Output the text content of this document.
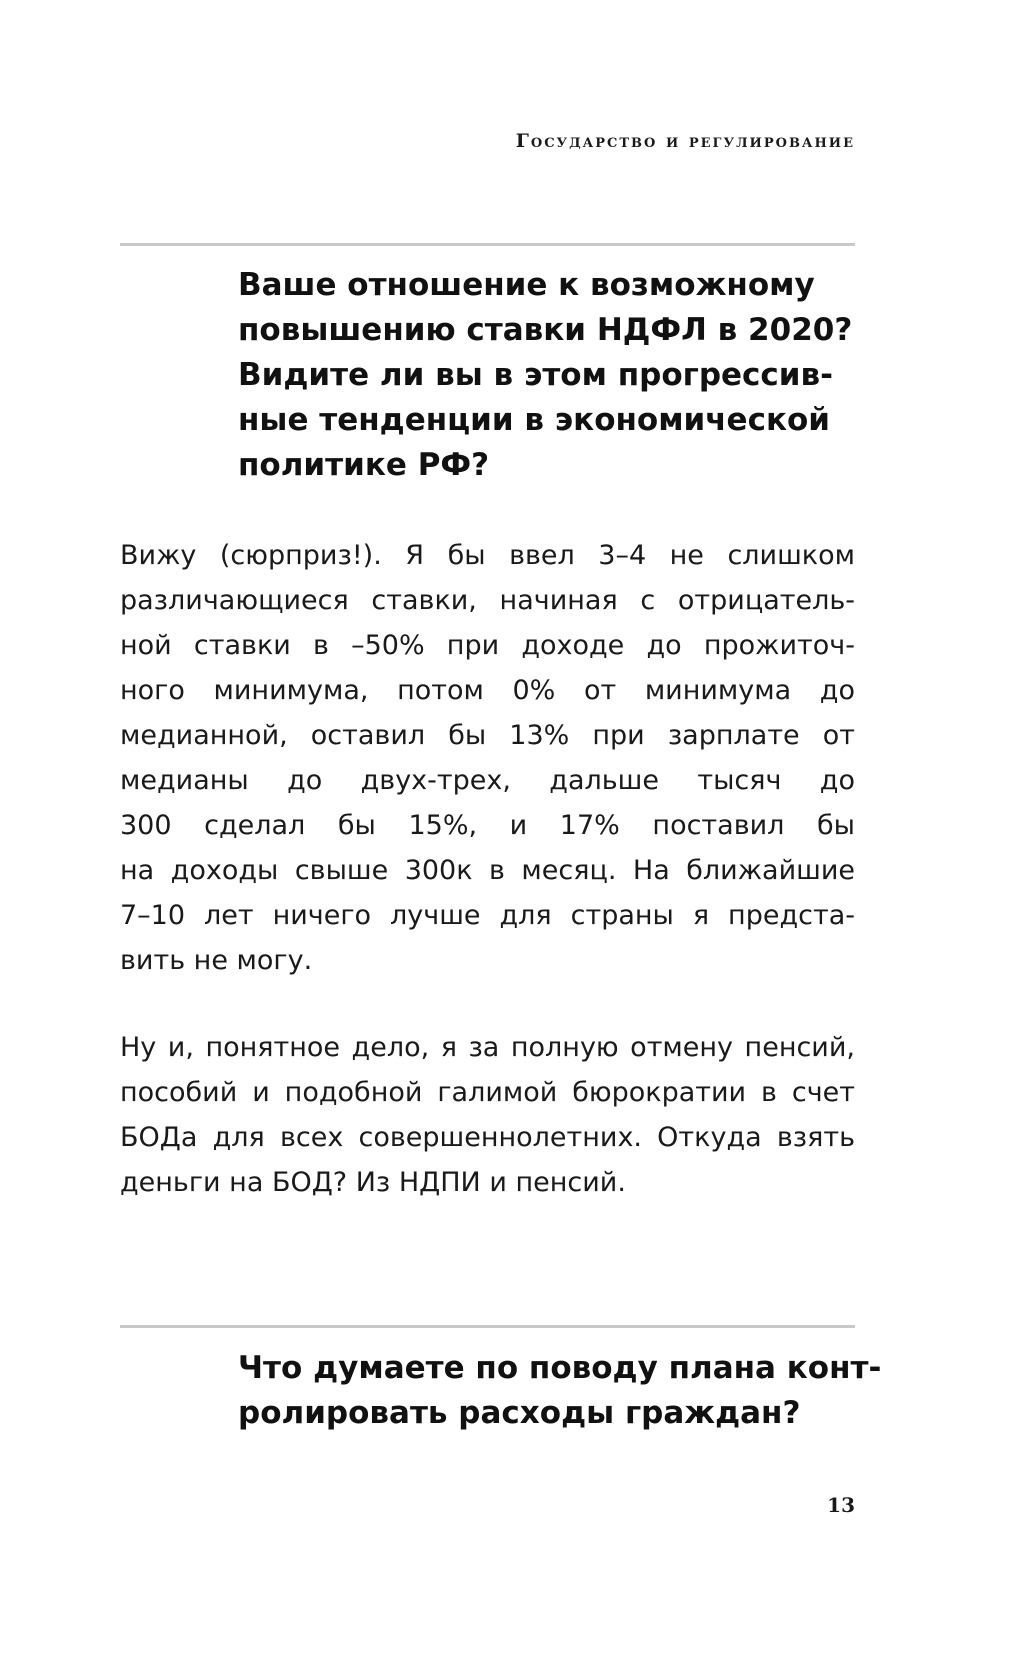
Государство и регулирование
Ваше отношение к возможному
повышению ставки НДФЛ в 2020?
Видите ли вы в этом прогрессив-
ные тенденции в экономической
политике РФ?
Вижу (сюрприз!). Я бы ввел 3–4 не слишком
различающиеся ставки, начиная с отрицатель-
ной ставки в –50% при доходе до прожиточ-
ного минимума, потом 0% от минимума до
медианной, оставил бы 13% при зарплате от
медианы до двух-трех, дальше тысяч до
300 сделал бы 15%, и 17% поставил бы
на доходы свыше 300к в месяц. На ближайшие
7–10 лет ничего лучше для страны я предста-
вить не могу.
Ну и, понятное дело, я за полную отмену пенсий,
пособий и подобной галимой бюрократии в счет
БОДа для всех совершеннолетних. Откуда взять
деньги на БОД? Из НДПИ и пенсий.
Что думаете по поводу плана конт-
ролировать расходы граждан?
13
